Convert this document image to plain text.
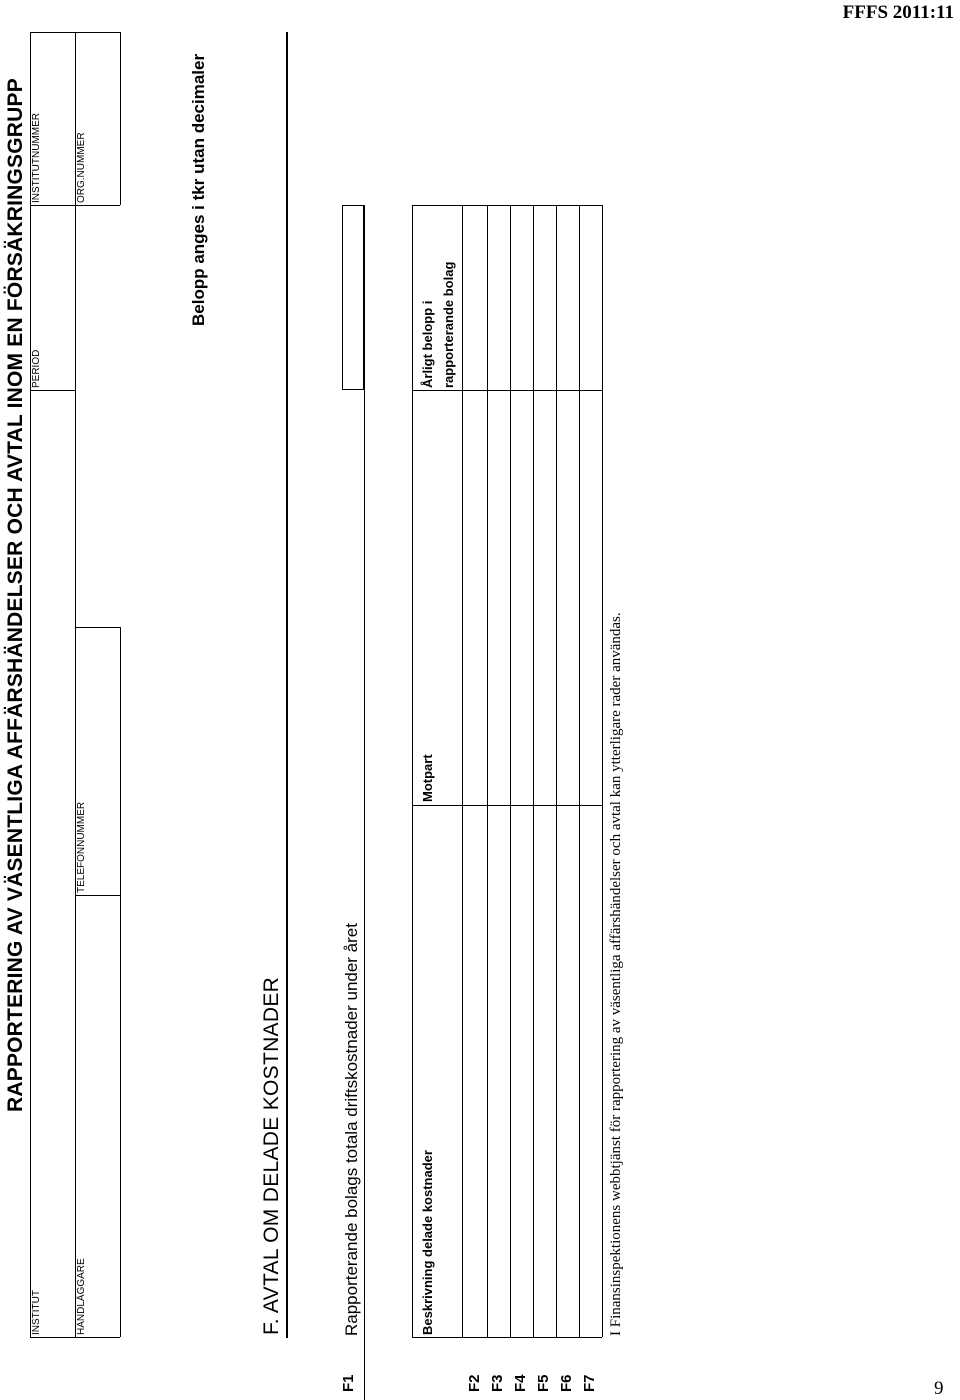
FFFS 2011:11
RAPPORTERING AV VÄSENTLIGA AFFÄRSHÄNDELSER OCH AVTAL INOM EN FÖRSÄKRINGSGRUPP
INSTITUT
PERIOD
INSTITUTNUMMER
HANDLÄGGARE
TELEFONNUMMER
ORG.NUMMER	Belopp anges i tkr utan decimaler
F. AVTAL OM DELADE KOSTNADER
F1
Rapporterande bolags totala driftskostnader under året	Beskrivning delade kostnader
Motpart
Årligt belopp i rapporterande bolag
F2 F3 F4 F5 F6 F7
I Finansinspektionens webbtjänst för rapportering av väsentliga affärshändelser och avtal kan ytterligare rader användas.
9
